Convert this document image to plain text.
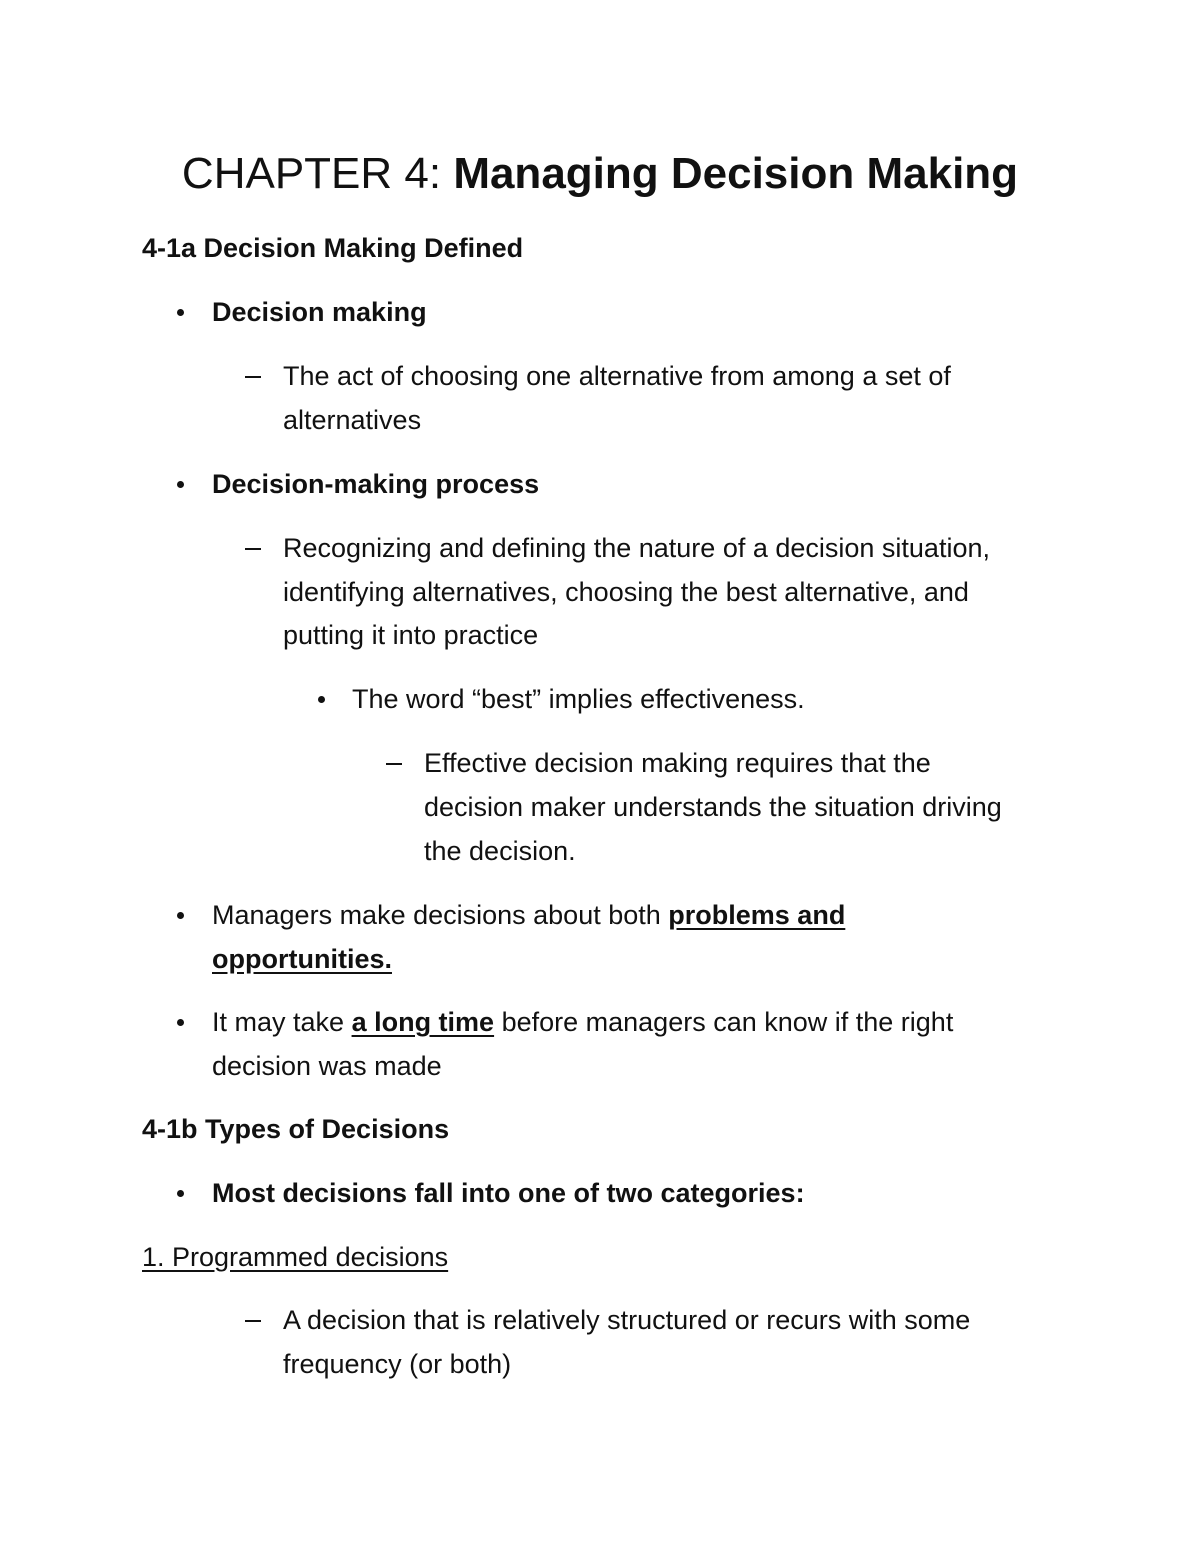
CHAPTER 4: Managing Decision Making
4-1a Decision Making Defined
Decision making
The act of choosing one alternative from among a set of
alternatives
Decision-making process
Recognizing and defining the nature of a decision situation,
identifying alternatives, choosing the best alternative, and
putting it into practice
The word “best” implies effectiveness.
Effective decision making requires that the
decision maker understands the situation driving
the decision.
Managers make decisions about both problems and
opportunities.
It may take a long time before managers can know if the right
decision was made
4-1b Types of Decisions
Most decisions fall into one of two categories:
1. Programmed decisions
A decision that is relatively structured or recurs with some
frequency (or both)
